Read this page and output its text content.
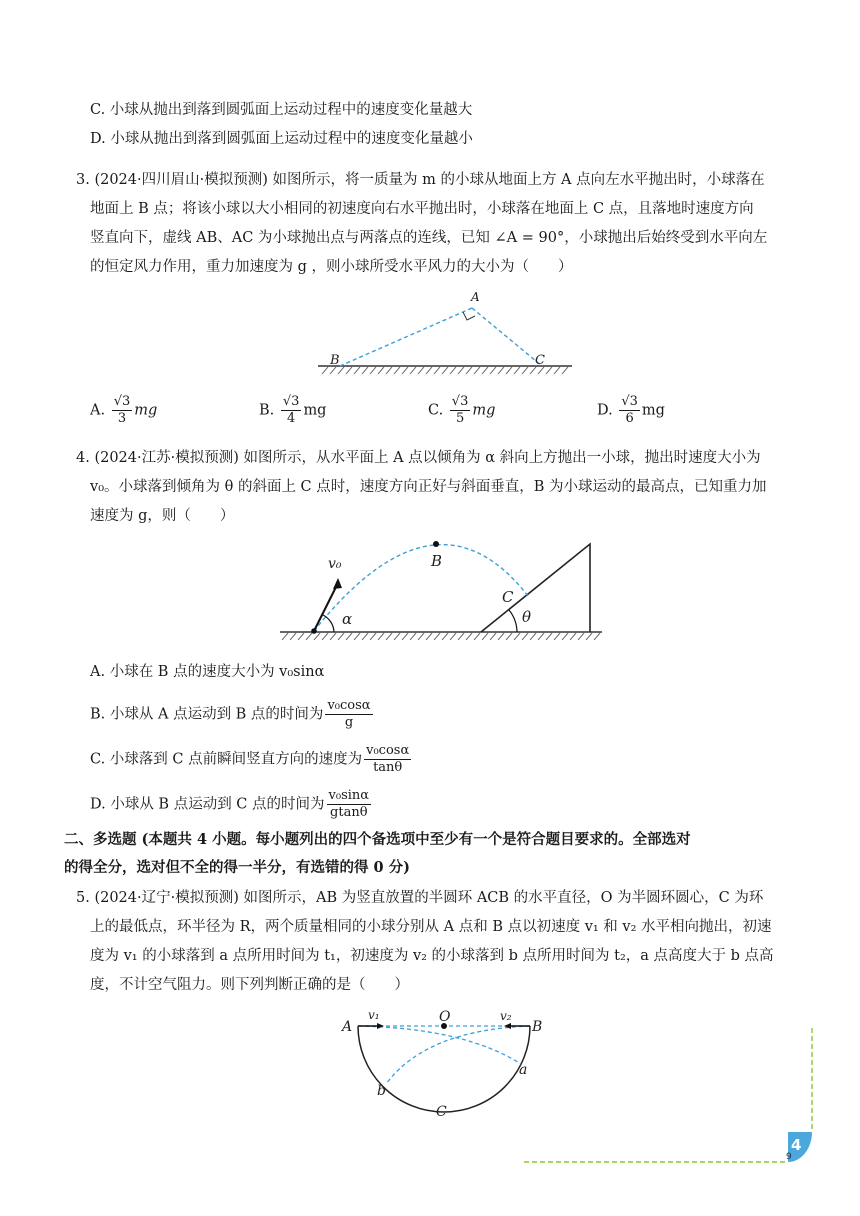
C. 小球从抛出到落到圆弧面上运动过程中的速度变化量越大
D. 小球从抛出到落到圆弧面上运动过程中的速度变化量越小
3. (2024·四川眉山·模拟预测) 如图所示，将一质量为 m 的小球从地面上方 A 点向左水平抛出时，小球落在
地面上 B 点；将该小球以大小相同的初速度向右水平抛出时，小球落在地面上 C 点，且落地时速度方向
竖直向下，虚线 AB、AC 为小球抛出点与两落点的连线，已知 ∠A = 90°，小球抛出后始终受到水平向左
的恒定风力作用，重力加速度为 g ，则小球所受水平风力的大小为（　　）
A
B	C
A. $\frac{√3}{3}$ mg	B. $\frac{√3}{4}$ mg	C. $\frac{√3}{5}$ mg	D. $\frac{√3}{6}$ mg
4. (2024·江苏·模拟预测) 如图所示，从水平面上 A 点以倾角为 α 斜向上方抛出一小球，抛出时速度大小为
v₀。小球落到倾角为 θ 的斜面上 C 点时，速度方向正好与斜面垂直，B 为小球运动的最高点，已知重力加
速度为 g，则（　　）
v₀	B
C
α	θ
A. 小球在 B 点的速度大小为 v₀sinα
B. 小球从 A 点运动到 B 点的时间为 $\frac{\text{v₀cosα}}{g}$
C. 小球落到 C 点前瞬间竖直方向的速度为 $\frac{\text{v₀cosα}}{\tan\theta}$
D. 小球从 B 点运动到 C 点的时间为 $\frac{\text{v₀sinα}}{gtan\theta}$
二、多选题 (本题共 4 小题。每小题列出的四个备选项中至少有一个是符合题目要求的。全部选对
的得全分，选对但不全的得一半分，有选错的得 0 分)
5. (2024·辽宁·模拟预测) 如图所示，AB 为竖直放置的半圆环 ACB 的水平直径，O 为半圆环圆心，C 为环
上的最低点，环半径为 R，两个质量相同的小球分别从 A 点和 B 点以初速度 v₁ 和 v₂ 水平相向抛出，初速
度为 v₁ 的小球落到 a 点所用时间为 t₁，初速度为 v₂ 的小球落到 b 点所用时间为 t₂，a 点高度大于 b 点高
度，不计空气阻力。则下列判断正确的是（　　）
A	B
O
v₁	v₂
a
b
C
4
9
